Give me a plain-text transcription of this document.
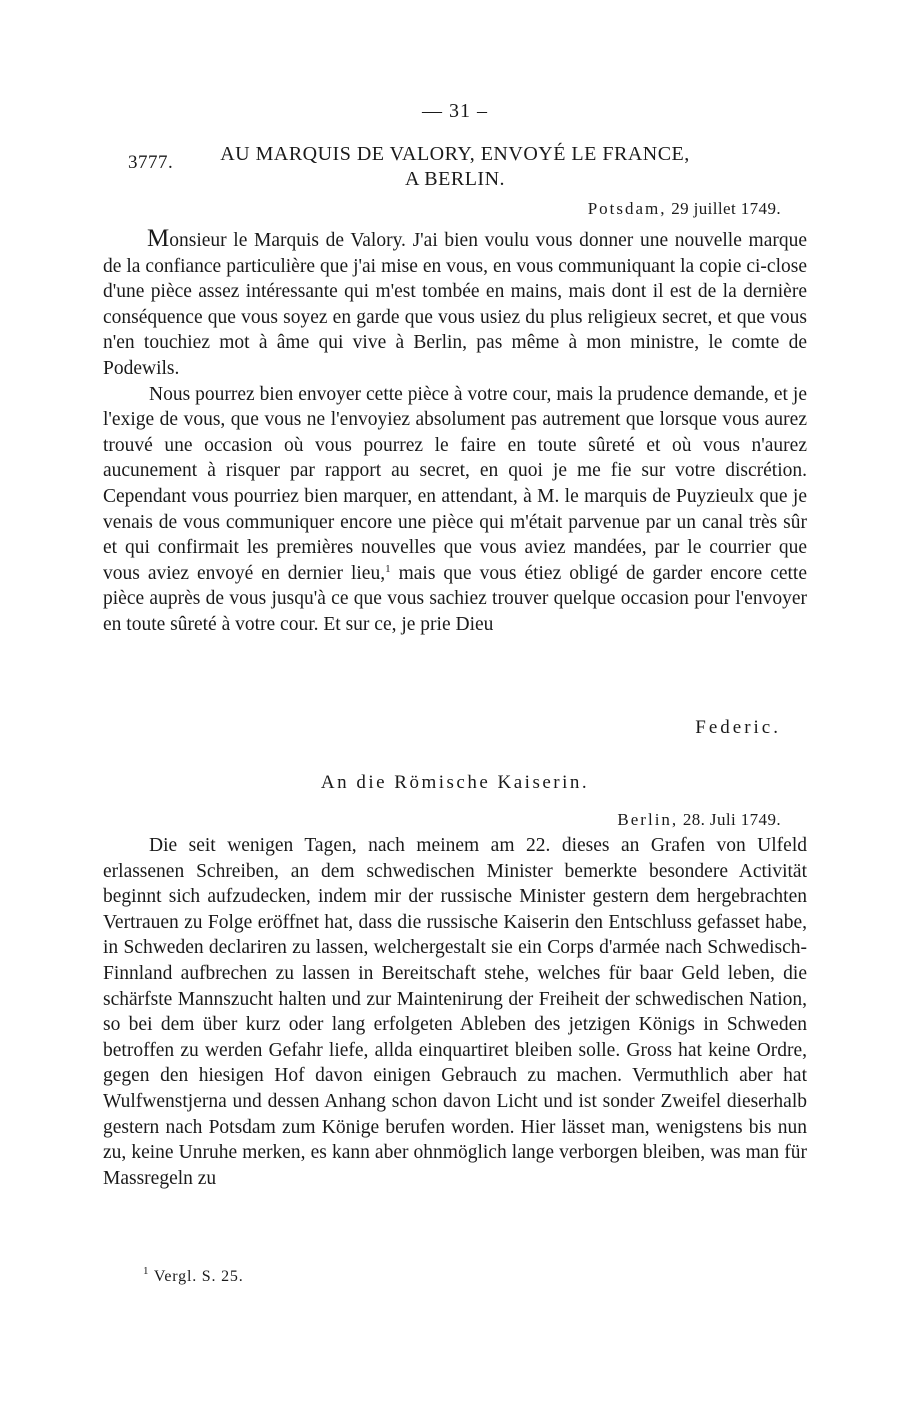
— 31 –
3777.	AU MARQUIS DE VALORY, ENVOYÉ LE FRANCE,
A BERLIN.
Potsdam, 29 juillet 1749.

Monsieur le Marquis de Valory. J'ai bien voulu vous donner une nouvelle marque de la confiance particulière que j'ai mise en vous, en vous communiquant la copie ci-close d'une pièce assez intéressante qui m'est tombée en mains, mais dont il est de la dernière conséquence que vous soyez en garde que vous usiez du plus religieux secret, et que vous n'en touchiez mot à âme qui vive à Berlin, pas même à mon ministre, le comte de Podewils.

Nous pourrez bien envoyer cette pièce à votre cour, mais la prudence demande, et je l'exige de vous, que vous ne l'envoyiez absolument pas autrement que lorsque vous aurez trouvé une occasion où vous pourrez le faire en toute sûreté et où vous n'aurez aucunement à risquer par rapport au secret, en quoi je me fie sur votre discrétion. Cependant vous pourriez bien marquer, en attendant, à M. le marquis de Puyzieulx que je venais de vous communiquer encore une pièce qui m'était parvenue par un canal très sûr et qui confirmait les premières nouvelles que vous aviez mandées, par le courrier que vous aviez envoyé en dernier lieu,$^1$ mais que vous étiez obligé de garder encore cette pièce auprès de vous jusqu'à ce que vous sachiez trouver quelque occasion pour l'envoyer en toute sûreté à votre cour. Et sur ce, je prie Dieu

Federic.
An die Römische Kaiserin.
Berlin, 28. Juli 1749.

Die seit wenigen Tagen, nach meinem am 22. dieses an Grafen von Ulfeld erlassenen Schreiben, an dem schwedischen Minister bemerkte besondere Activität beginnt sich aufzudecken, indem mir der russische Minister gestern dem hergebrachten Vertrauen zu Folge eröffnet hat, dass die russische Kaiserin den Entschluss gefasset habe, in Schweden declariren zu lassen, welchergestalt sie ein Corps d'armée nach Schwedisch-Finnland aufbrechen zu lassen in Bereitschaft stehe, welches für baar Geld leben, die schärfste Mannszucht halten und zur Maintenirung der Freiheit der schwedischen Nation, so bei dem über kurz oder lang erfolgeten Ableben des jetzigen Königs in Schweden betroffen zu werden Gefahr liefe, allda einquartiret bleiben solle. Gross hat keine Ordre, gegen den hiesigen Hof davon einigen Gebrauch zu machen. Vermuthlich aber hat Wulfwenstjerna und dessen Anhang schon davon Licht und ist sonder Zweifel dieserhalb gestern nach Potsdam zum Könige berufen worden. Hier lässet man, wenigstens bis nun zu, keine Unruhe merken, es kann aber ohnmöglich lange verborgen bleiben, was man für Massregeln zu

$^1$ Vergl. S. 25.
